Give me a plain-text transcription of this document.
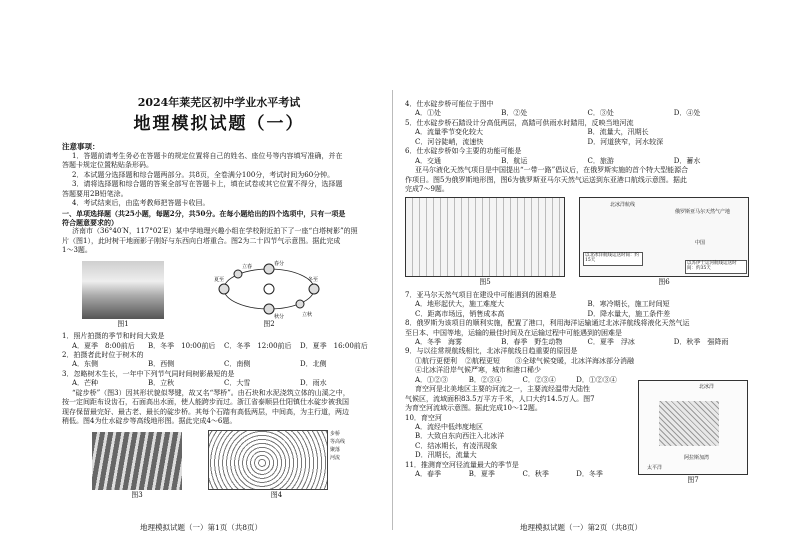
2024年莱芜区初中学业水平考试
地理模拟试题（一）
注意事项：
1．答题前请考生务必在答题卡的规定位置将自己的姓名、座位号等内容填写准确，并在
答题卡规定位置粘贴条形码。
2．本试题分选择题和综合题两部分。共8页，全卷满分100分，考试时间为60分钟。
3．请将选择题和综合题的答案全部写在答题卡上，填在试卷或其它位置不得分，选择题
答题要用2B铅笔涂。
4．考试结束后，由监考教师把答题卡收回。
一、单项选择题（共25小题，每题2分，共50分。在每小题给出的四个选项中，只有一项是
符合题意要求的）
济南市（36°40′N，117°02′E）某中学地理兴趣小组在学校附近拍下了一座“白塔树影”的照
片（图1），此时树干地面影子刚好与东西向白塔重合。图2为二十四节气示意图。据此完成
1～3题。
图1
立春	春分
夏至
秋分
冬至
立秋
图2
1．照片拍摄的季节和时间大致是
A．夏季　8:00前后	B．冬季　10:00前后	C．冬季　12:00前后	D．夏季　16:00前后
2．拍摄者此时位于树木的
A．东侧	B．西侧	C．南侧	D．北侧
3．忽略树木生长，一年中下列节气同时间树影最短的是
A．芒种	B．立秋	C．大雪	D．雨水
“碇步桥”（图3）因其形状貌似琴键，故又名“琴桥”。由石块和水泥浇筑立体的山溪之中，
按一定间距布设齿石，石面高出水面，使人能跨步而过。浙江省泰顺县仕阳镇仕水碇步被我国
现存保留最完好、最古老、最长的碇步桥。其每个石踏有高低两层，中间高，为主行道，两边
稍低。图4为仕水碇步等高线地形图。据此完成4～6题。
图3
步桥
等高线
聚落
河流
图4
4．仕水碇步桥可能位于图中
A．①处	B．②处	C．③处	D．④处
5．仕水碇步桥石踏设计分高低两层，高踏可供雨水时踏用，反映当地河流
A．流量季节变化较大	B．流量大，汛期长
C．河谷陡峭，流速快	D．河道狭窄，河水较深
6．仕水碇步桥如今主要的功能可能是
A．交通	B．航运	C．旅游	D．蓄水
亚马尔液化天然气项目是中国提出“一带一路”倡议后，在俄罗斯实施的首个特大型能源合
作项目。图5为俄罗斯地形图，图6为俄罗斯亚马尔天然气运送到东亚港口航线示意图。据此
完成7～9题。
图5
北冰洋航线
俄罗斯亚马尔天然气产地
中国
以北冰洋航线运送时间：约15天
以苏伊士运河航线运送时间：约35天
图6
7．亚马尔天然气项目在建设中可能遇到的困难是
A．地形起伏大，施工难度大	B．寒冷期长，施工时间短
C．距离市场远，销售成本高	D．降水量大，施工条件差
8．俄罗斯为该项目的顺利实施，配置了港口，利用海洋运输通过北冰洋航线将液化天然气运
至日本、中国等地，运输的最佳时间及在运输过程中可能遇到的困难是
A．冬季　海雾	B．春季　野生动物	C．夏季　浮冰	D．秋季　强降雨
9．与以往常规航线相比，北冰洋航线日趋重要的原因是
①航行更便利	②航程更短	③全球气候变暖，北冰洋海冰部分消融
④北冰洋沿岸气候严寒，城市和港口稀少
A．①②③	B．②③④	C．②③④	D．①②③④
育空河是北美地区主要的河流之一，主要流经温带大陆性
气候区，流域面积83.5万平方千米，人口大约14.5万人。图7
为育空河流域示意图。据此完成10～12题。
10．育空河
A．流经中低纬度地区
B．大致自东向西注入北冰洋
C．结冰期长，有凌汛现象
D．汛期长，流量大
11．推测育空河径流量最大的季节是
A．春季	B．夏季	C．秋季	D．冬季
北冰洋
阿拉斯加湾
太平洋
图7
地理模拟试题（一）第1页（共8页）	地理模拟试题（一）第2页（共8页）
